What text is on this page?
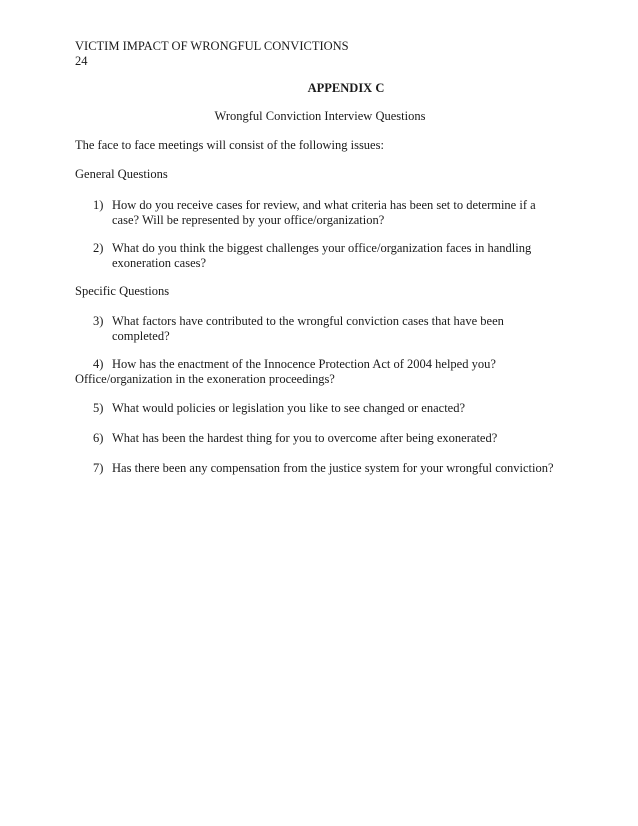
VICTIM IMPACT OF WRONGFUL CONVICTIONS
24
APPENDIX C
Wrongful Conviction Interview Questions
The face to face meetings will consist of the following issues:
General Questions
1) How do you receive cases for review, and what criteria has been set to determine if a
case? Will be represented by your office/organization?
2) What do you think the biggest challenges your office/organization faces in handling
exoneration cases?
Specific Questions
3) What factors have contributed to the wrongful conviction cases that have been
completed?
4) How has the enactment of the Innocence Protection Act of 2004 helped you?
Office/organization in the exoneration proceedings?
5) What would policies or legislation you like to see changed or enacted?
6) What has been the hardest thing for you to overcome after being exonerated?
7) Has there been any compensation from the justice system for your wrongful conviction?
